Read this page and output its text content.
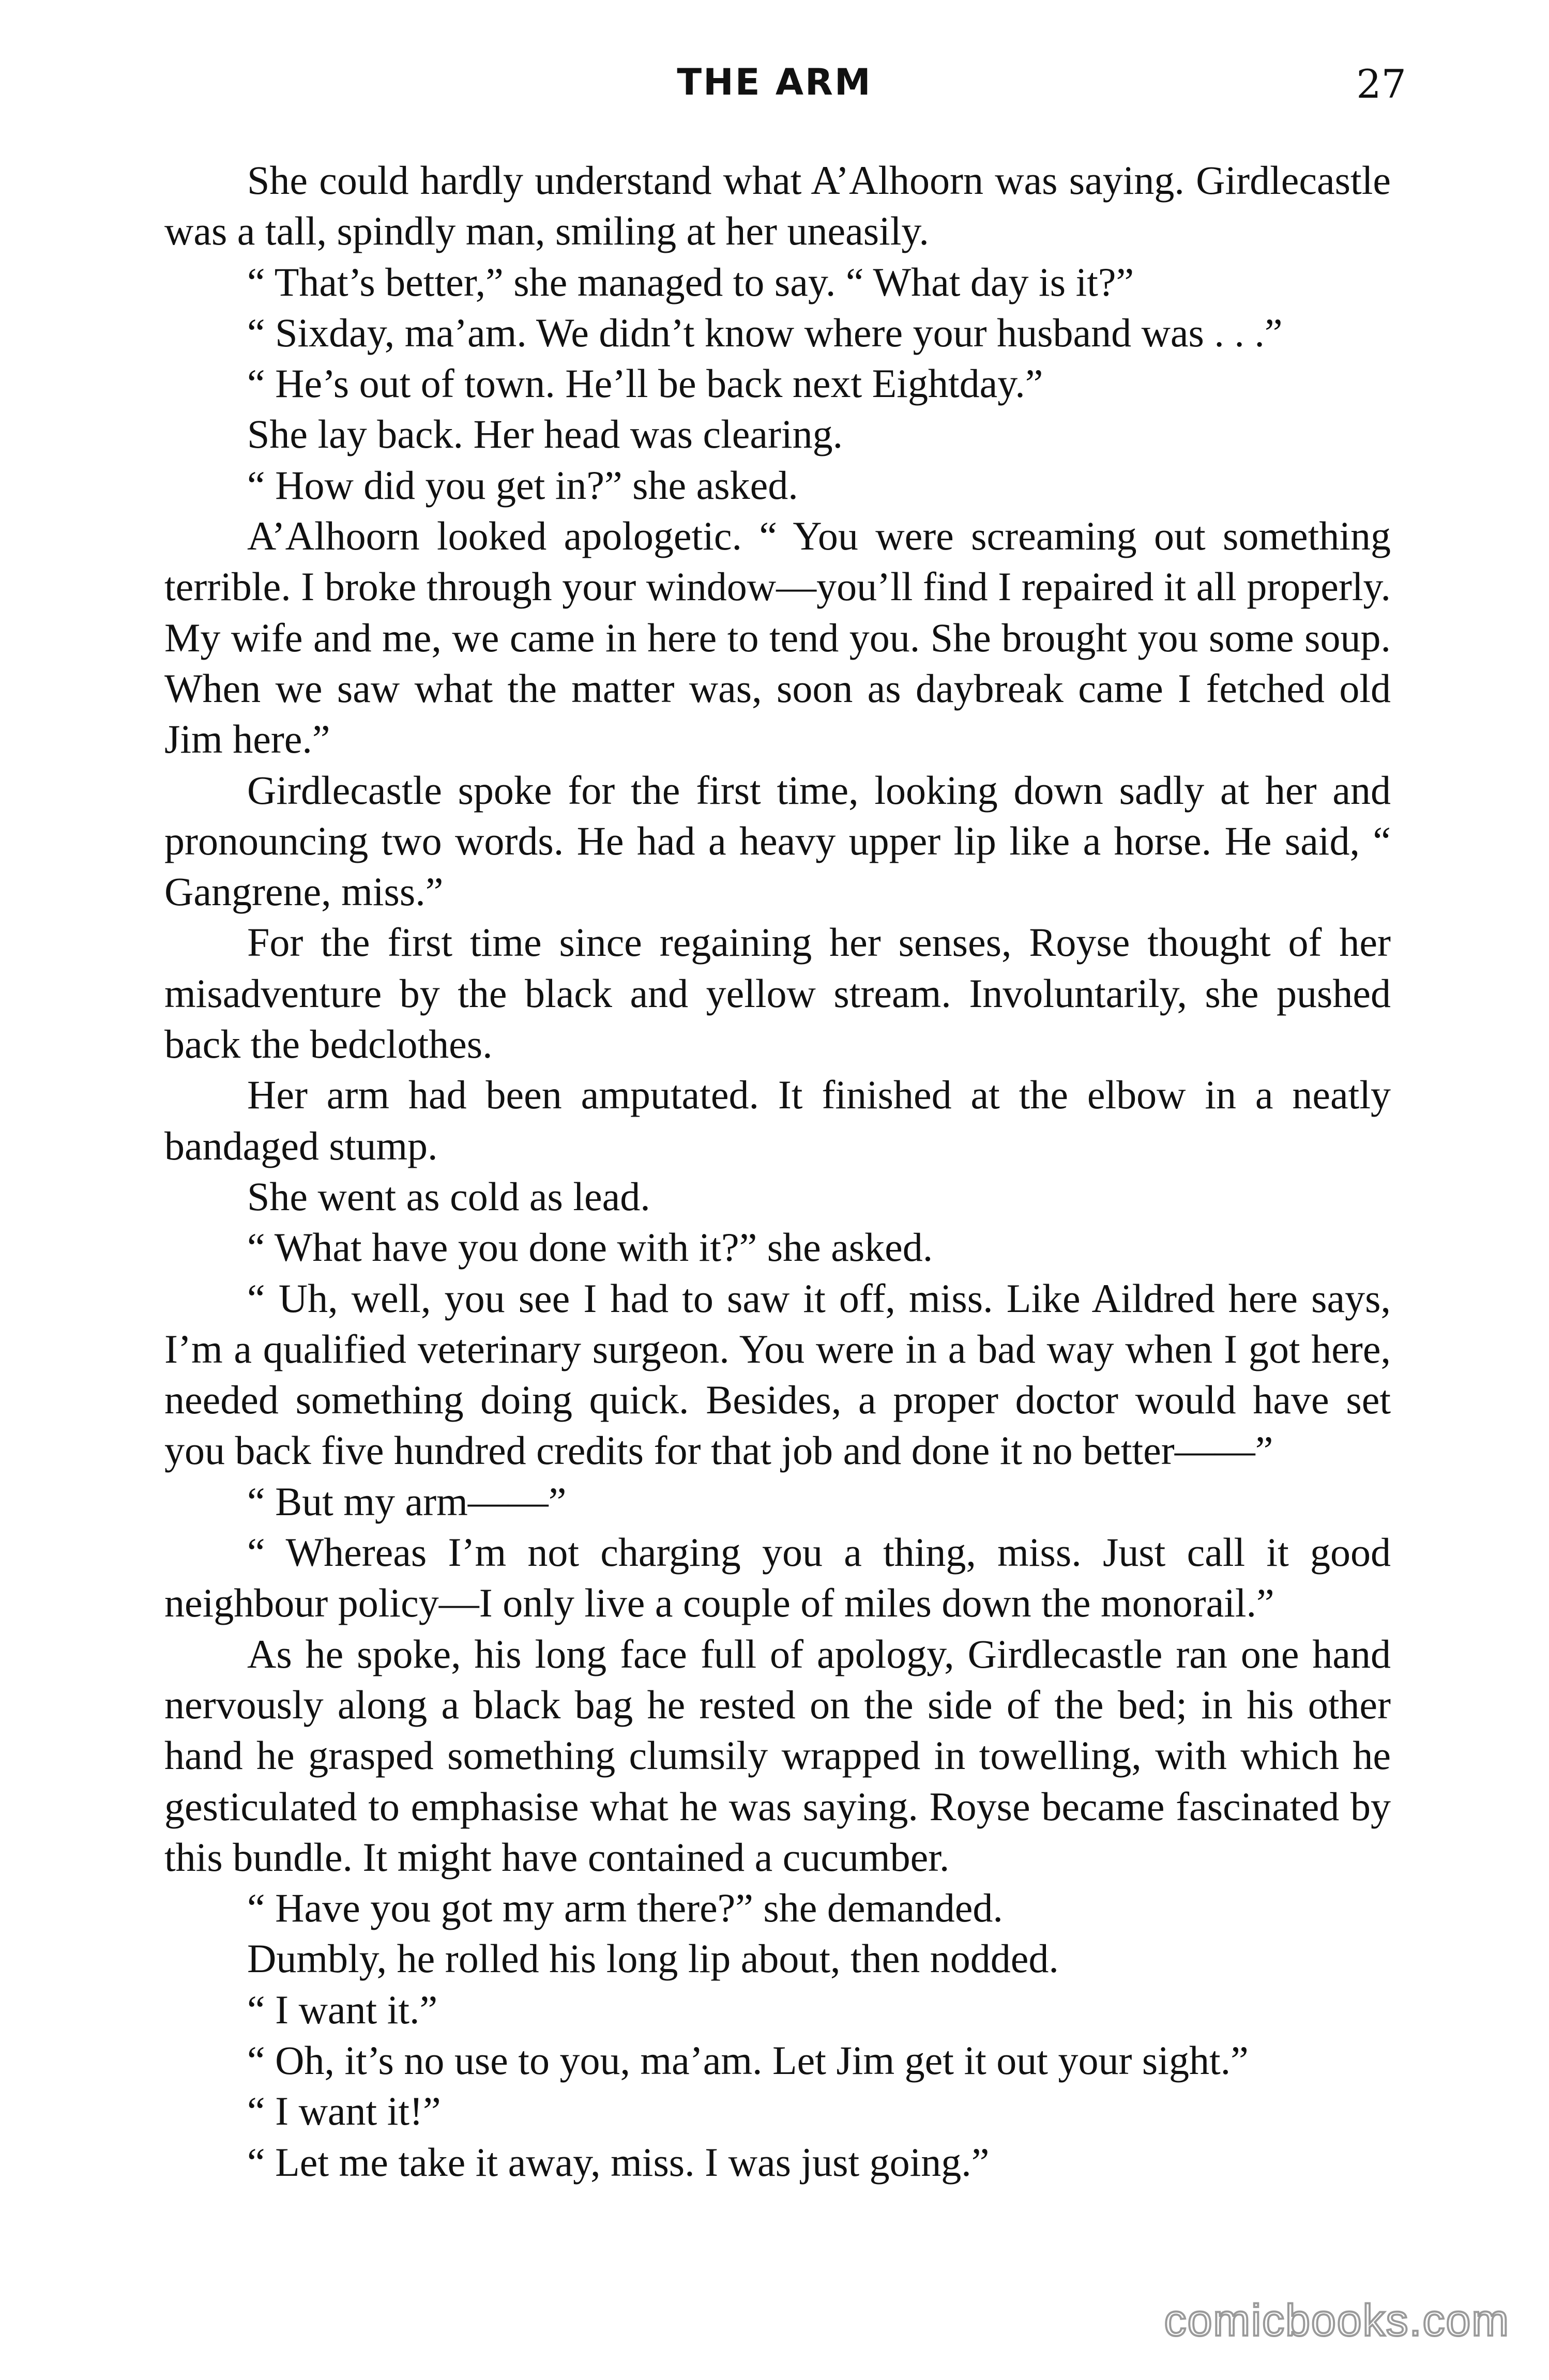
THE ARM	27

She could hardly understand what A’Alhoorn was saying. Girdlecastle was a tall, spindly man, smiling at her uneasily.

“ That’s better,” she managed to say. “ What day is it?”

“ Sixday, ma’am. We didn’t know where your husband was . . .”

“ He’s out of town. He’ll be back next Eightday.”

She lay back. Her head was clearing.

“ How did you get in?” she asked.

A’Alhoorn looked apologetic. “ You were screaming out something terrible. I broke through your window—you’ll find I repaired it all properly. My wife and me, we came in here to tend you. She brought you some soup. When we saw what the matter was, soon as daybreak came I fetched old Jim here.”

Girdlecastle spoke for the first time, looking down sadly at her and pronouncing two words. He had a heavy upper lip like a horse. He said, “ Gangrene, miss.”

For the first time since regaining her senses, Royse thought of her misadventure by the black and yellow stream. Involuntarily, she pushed back the bedclothes.

Her arm had been amputated. It finished at the elbow in a neatly bandaged stump.

She went as cold as lead.

“ What have you done with it?” she asked.

“ Uh, well, you see I had to saw it off, miss. Like Aildred here says, I’m a qualified veterinary surgeon. You were in a bad way when I got here, needed something doing quick. Besides, a proper doctor would have set you back five hundred credits for that job and done it no better——”

“ But my arm——”

“ Whereas I’m not charging you a thing, miss. Just call it good neighbour policy—I only live a couple of miles down the monorail.”

As he spoke, his long face full of apology, Girdlecastle ran one hand nervously along a black bag he rested on the side of the bed; in his other hand he grasped something clumsily wrapped in towelling, with which he gesticulated to emphasise what he was saying. Royse became fascinated by this bundle. It might have contained a cucumber.

“ Have you got my arm there?” she demanded.

Dumbly, he rolled his long lip about, then nodded.

“ I want it.”

“ Oh, it’s no use to you, ma’am. Let Jim get it out your sight.”

“ I want it!”

“ Let me take it away, miss. I was just going.”

comicbooks.com
